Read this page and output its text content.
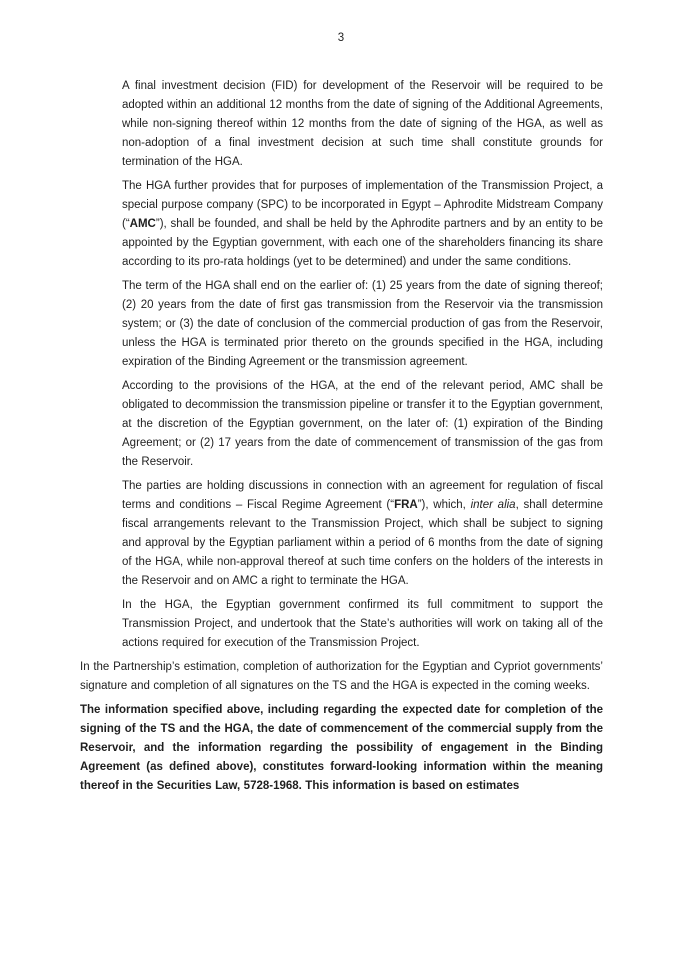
3

A final investment decision (FID) for development of the Reservoir will be required to be adopted within an additional 12 months from the date of signing of the Additional Agreements, while non-signing thereof within 12 months from the date of signing of the HGA, as well as non-adoption of a final investment decision at such time shall constitute grounds for termination of the HGA.

The HGA further provides that for purposes of implementation of the Transmission Project, a special purpose company (SPC) to be incorporated in Egypt – Aphrodite Midstream Company (“AMC”), shall be founded, and shall be held by the Aphrodite partners and by an entity to be appointed by the Egyptian government, with each one of the shareholders financing its share according to its pro-rata holdings (yet to be determined) and under the same conditions.

The term of the HGA shall end on the earlier of: (1) 25 years from the date of signing thereof; (2) 20 years from the date of first gas transmission from the Reservoir via the transmission system; or (3) the date of conclusion of the commercial production of gas from the Reservoir, unless the HGA is terminated prior thereto on the grounds specified in the HGA, including expiration of the Binding Agreement or the transmission agreement.

According to the provisions of the HGA, at the end of the relevant period, AMC shall be obligated to decommission the transmission pipeline or transfer it to the Egyptian government, at the discretion of the Egyptian government, on the later of: (1) expiration of the Binding Agreement; or (2) 17 years from the date of commencement of transmission of the gas from the Reservoir.

The parties are holding discussions in connection with an agreement for regulation of fiscal terms and conditions – Fiscal Regime Agreement (“FRA”), which, inter alia, shall determine fiscal arrangements relevant to the Transmission Project, which shall be subject to signing and approval by the Egyptian parliament within a period of 6 months from the date of signing of the HGA, while non-approval thereof at such time confers on the holders of the interests in the Reservoir and on AMC a right to terminate the HGA.

In the HGA, the Egyptian government confirmed its full commitment to support the Transmission Project, and undertook that the State’s authorities will work on taking all of the actions required for execution of the Transmission Project.

In the Partnership’s estimation, completion of authorization for the Egyptian and Cypriot governments’ signature and completion of all signatures on the TS and the HGA is expected in the coming weeks.

The information specified above, including regarding the expected date for completion of the signing of the TS and the HGA, the date of commencement of the commercial supply from the Reservoir, and the information regarding the possibility of engagement in the Binding Agreement (as defined above), constitutes forward-looking information within the meaning thereof in the Securities Law, 5728-1968. This information is based on estimates
